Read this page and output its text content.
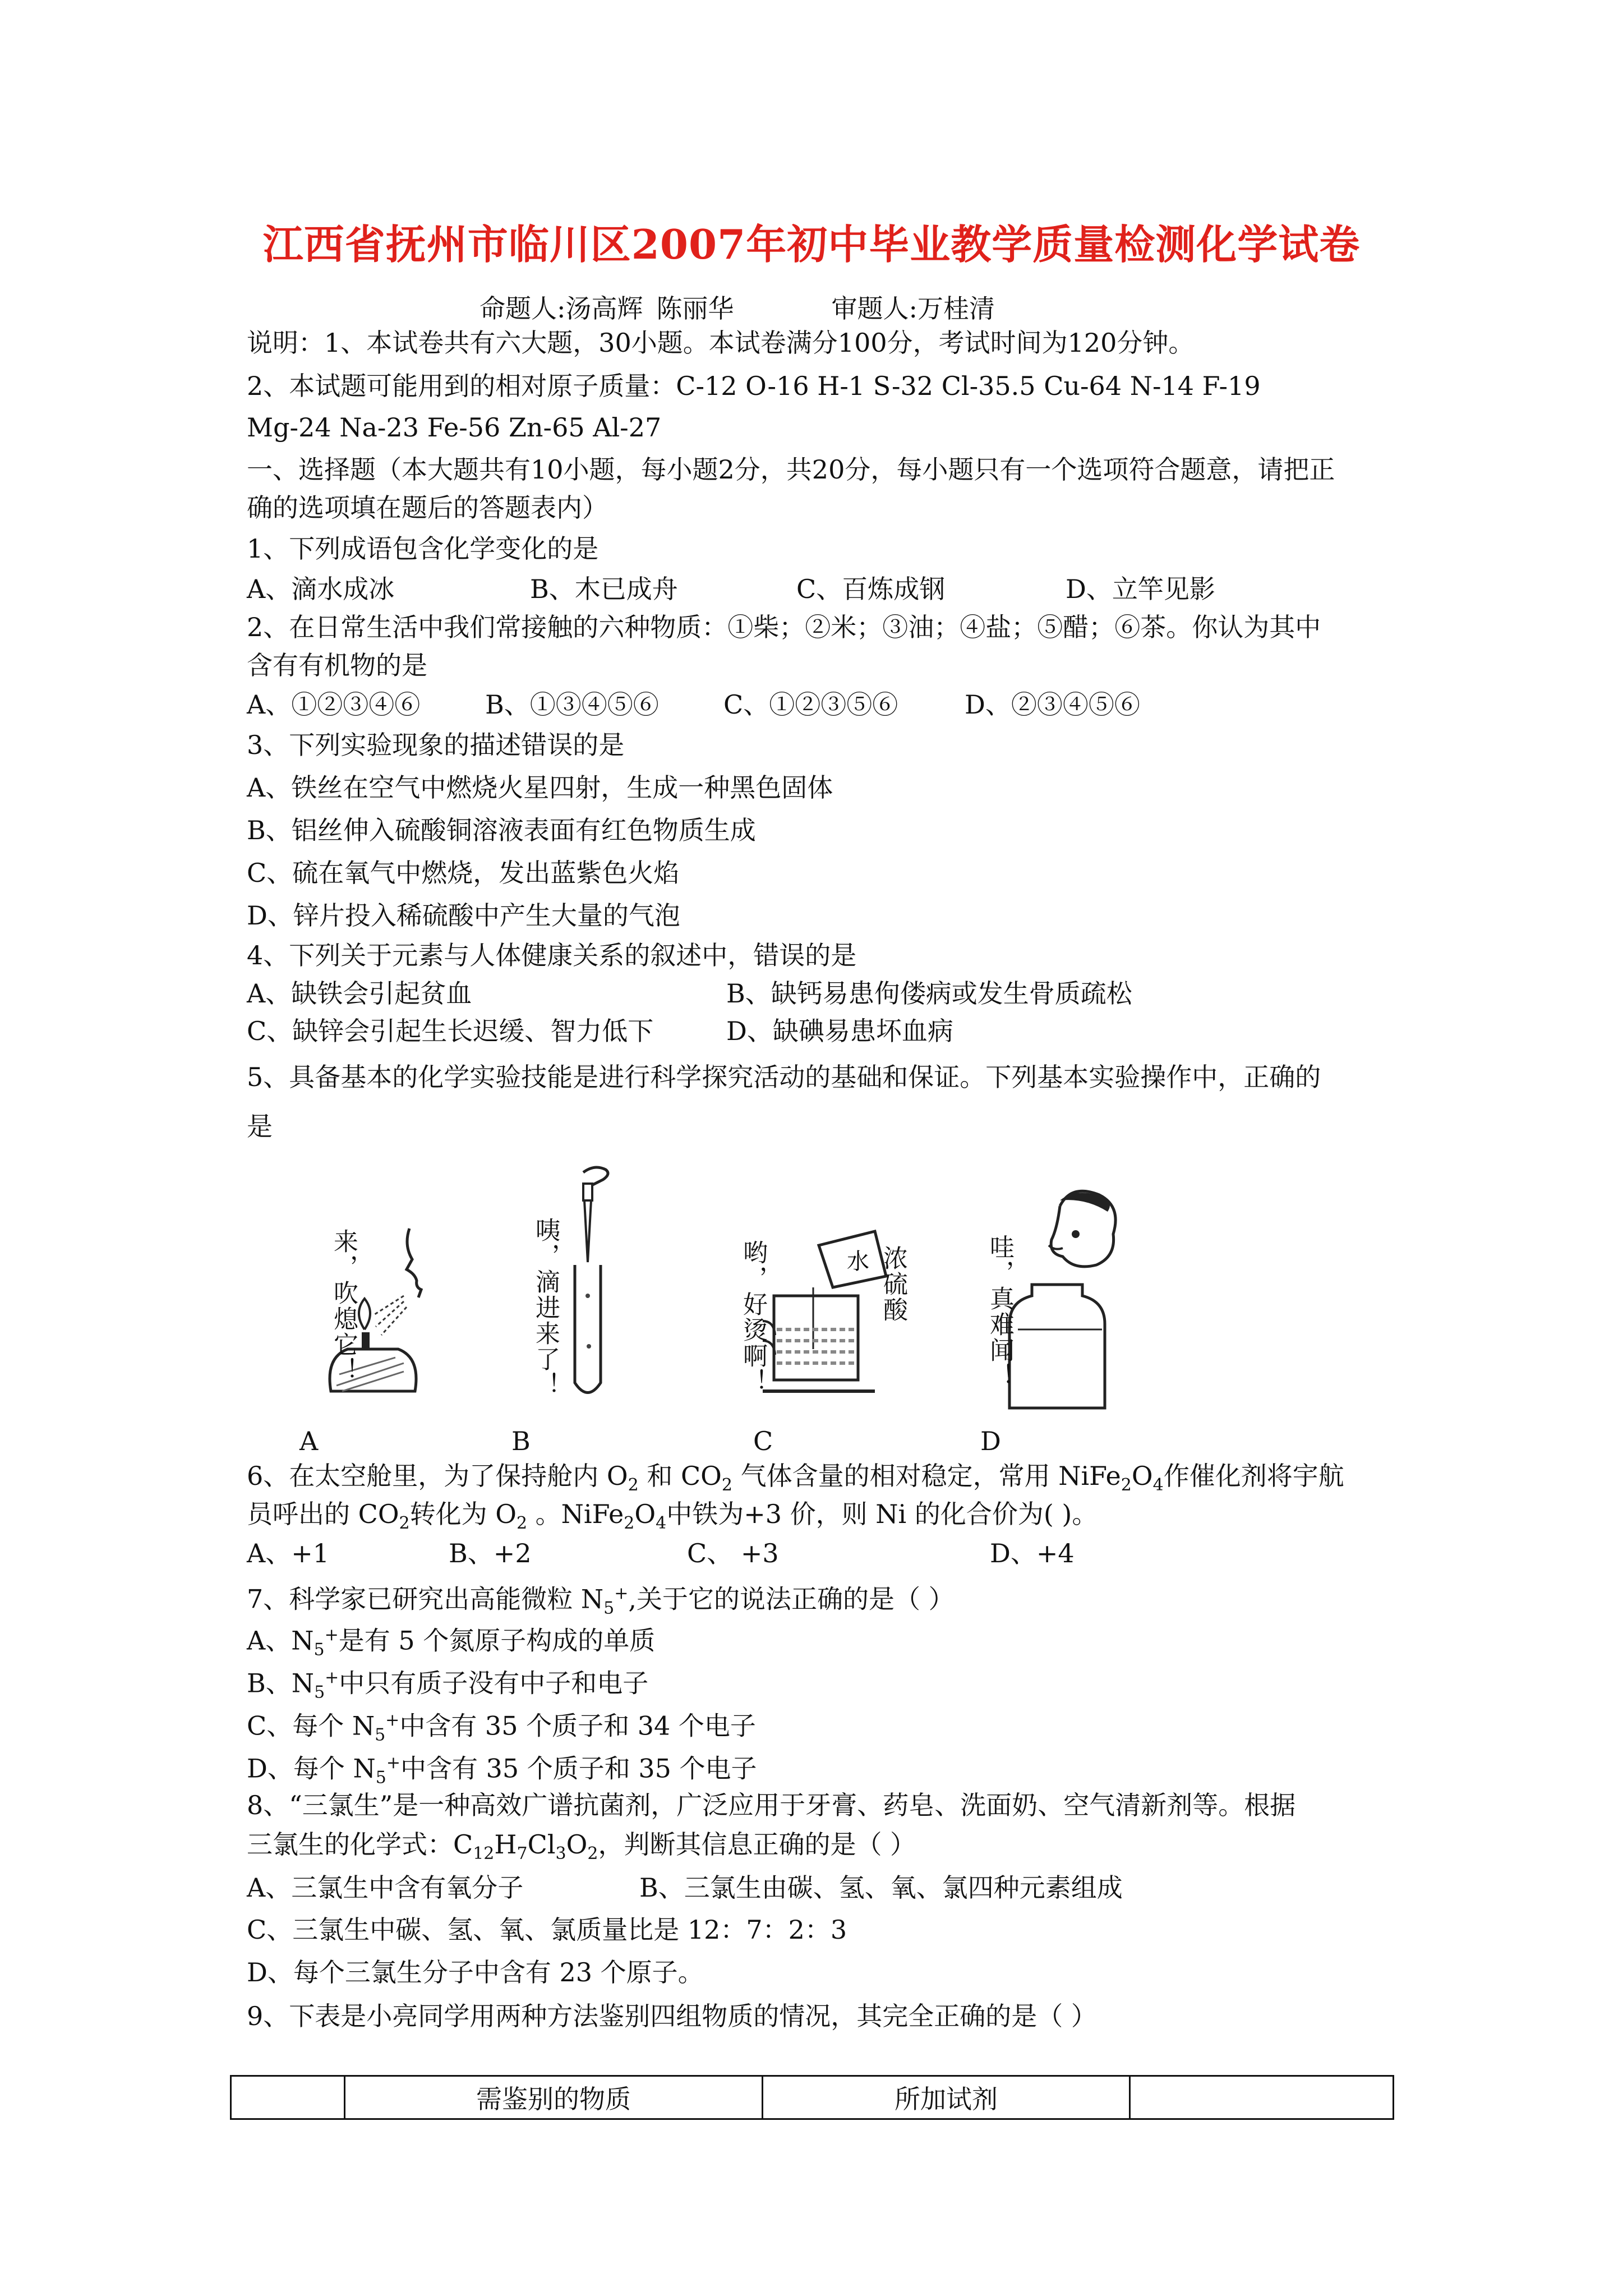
江西省抚州市临川区2007年初中毕业教学质量检测化学试卷
命题人:汤高辉 陈丽华	审题人:万桂清
说明：1、本试卷共有六大题，30小题。本试卷满分100分，考试时间为120分钟。
2、本试题可能用到的相对原子质量：C-12 O-16 H-1 S-32 Cl-35.5 Cu-64 N-14 F-19
Mg-24 Na-23 Fe-56 Zn-65 Al-27
一、选择题（本大题共有10小题，每小题2分，共20分，每小题只有一个选项符合题意，请把正
确的选项填在题后的答题表内）
1、下列成语包含化学变化的是
A、滴水成冰	B、木已成舟	C、百炼成钢	D、立竿见影
2、在日常生活中我们常接触的六种物质：①柴；②米；③油；④盐；⑤醋；⑥茶。你认为其中
含有有机物的是
A、①②③④⑥	B、①③④⑤⑥	C、①②③⑤⑥	D、②③④⑤⑥
3、下列实验现象的描述错误的是
A、铁丝在空气中燃烧火星四射，生成一种黑色固体
B、铝丝伸入硫酸铜溶液表面有红色物质生成
C、硫在氧气中燃烧，发出蓝紫色火焰
D、锌片投入稀硫酸中产生大量的气泡
4、下列关于元素与人体健康关系的叙述中，错误的是
A、缺铁会引起贫血	B、缺钙易患佝偻病或发生骨质疏松
C、缺锌会引起生长迟缓、智力低下	D、缺碘易患坏血病
5、具备基本的化学实验技能是进行科学探究活动的基础和保证。下列基本实验操作中，正确的
是
来，吹熄它！	咦，滴进来了！	哟，好烫啊！	水 浓硫酸	哇，真难闻！
A	B	C	D
6、在太空舱里，为了保持舱内 $O_2$ 和 $CO_2$ 气体含量的相对稳定，常用 $NiFe_2O_4$作催化剂将宇航
员呼出的 $CO_2$转化为 $O_2$ 。$NiFe_2O_4$中铁为+3 价，则 Ni 的化合价为( )。
A、+1	B、+2	C、 +3	D、+4
7、科学家已研究出高能微粒 $N_5^+$,关于它的说法正确的是（ ）
A、$N_5^+$是有 5 个氮原子构成的单质
B、$N_5^+$中只有质子没有中子和电子
C、每个 $N_5^+$中含有 35 个质子和 34 个电子
D、每个 $N_5^+$中含有 35 个质子和 35 个电子
8、“三氯生”是一种高效广谱抗菌剂，广泛应用于牙膏、药皂、洗面奶、空气清新剂等。根据
三氯生的化学式：$C_{12}H_7Cl_3O_2$，判断其信息正确的是（ ）
A、三氯生中含有氧分子	B、三氯生由碳、氢、氧、氯四种元素组成
C、三氯生中碳、氢、氧、氯质量比是 12：7：2：3
D、每个三氯生分子中含有 23 个原子。
9、下表是小亮同学用两种方法鉴别四组物质的情况，其完全正确的是（ ）
	需鉴别的物质	所加试剂	
